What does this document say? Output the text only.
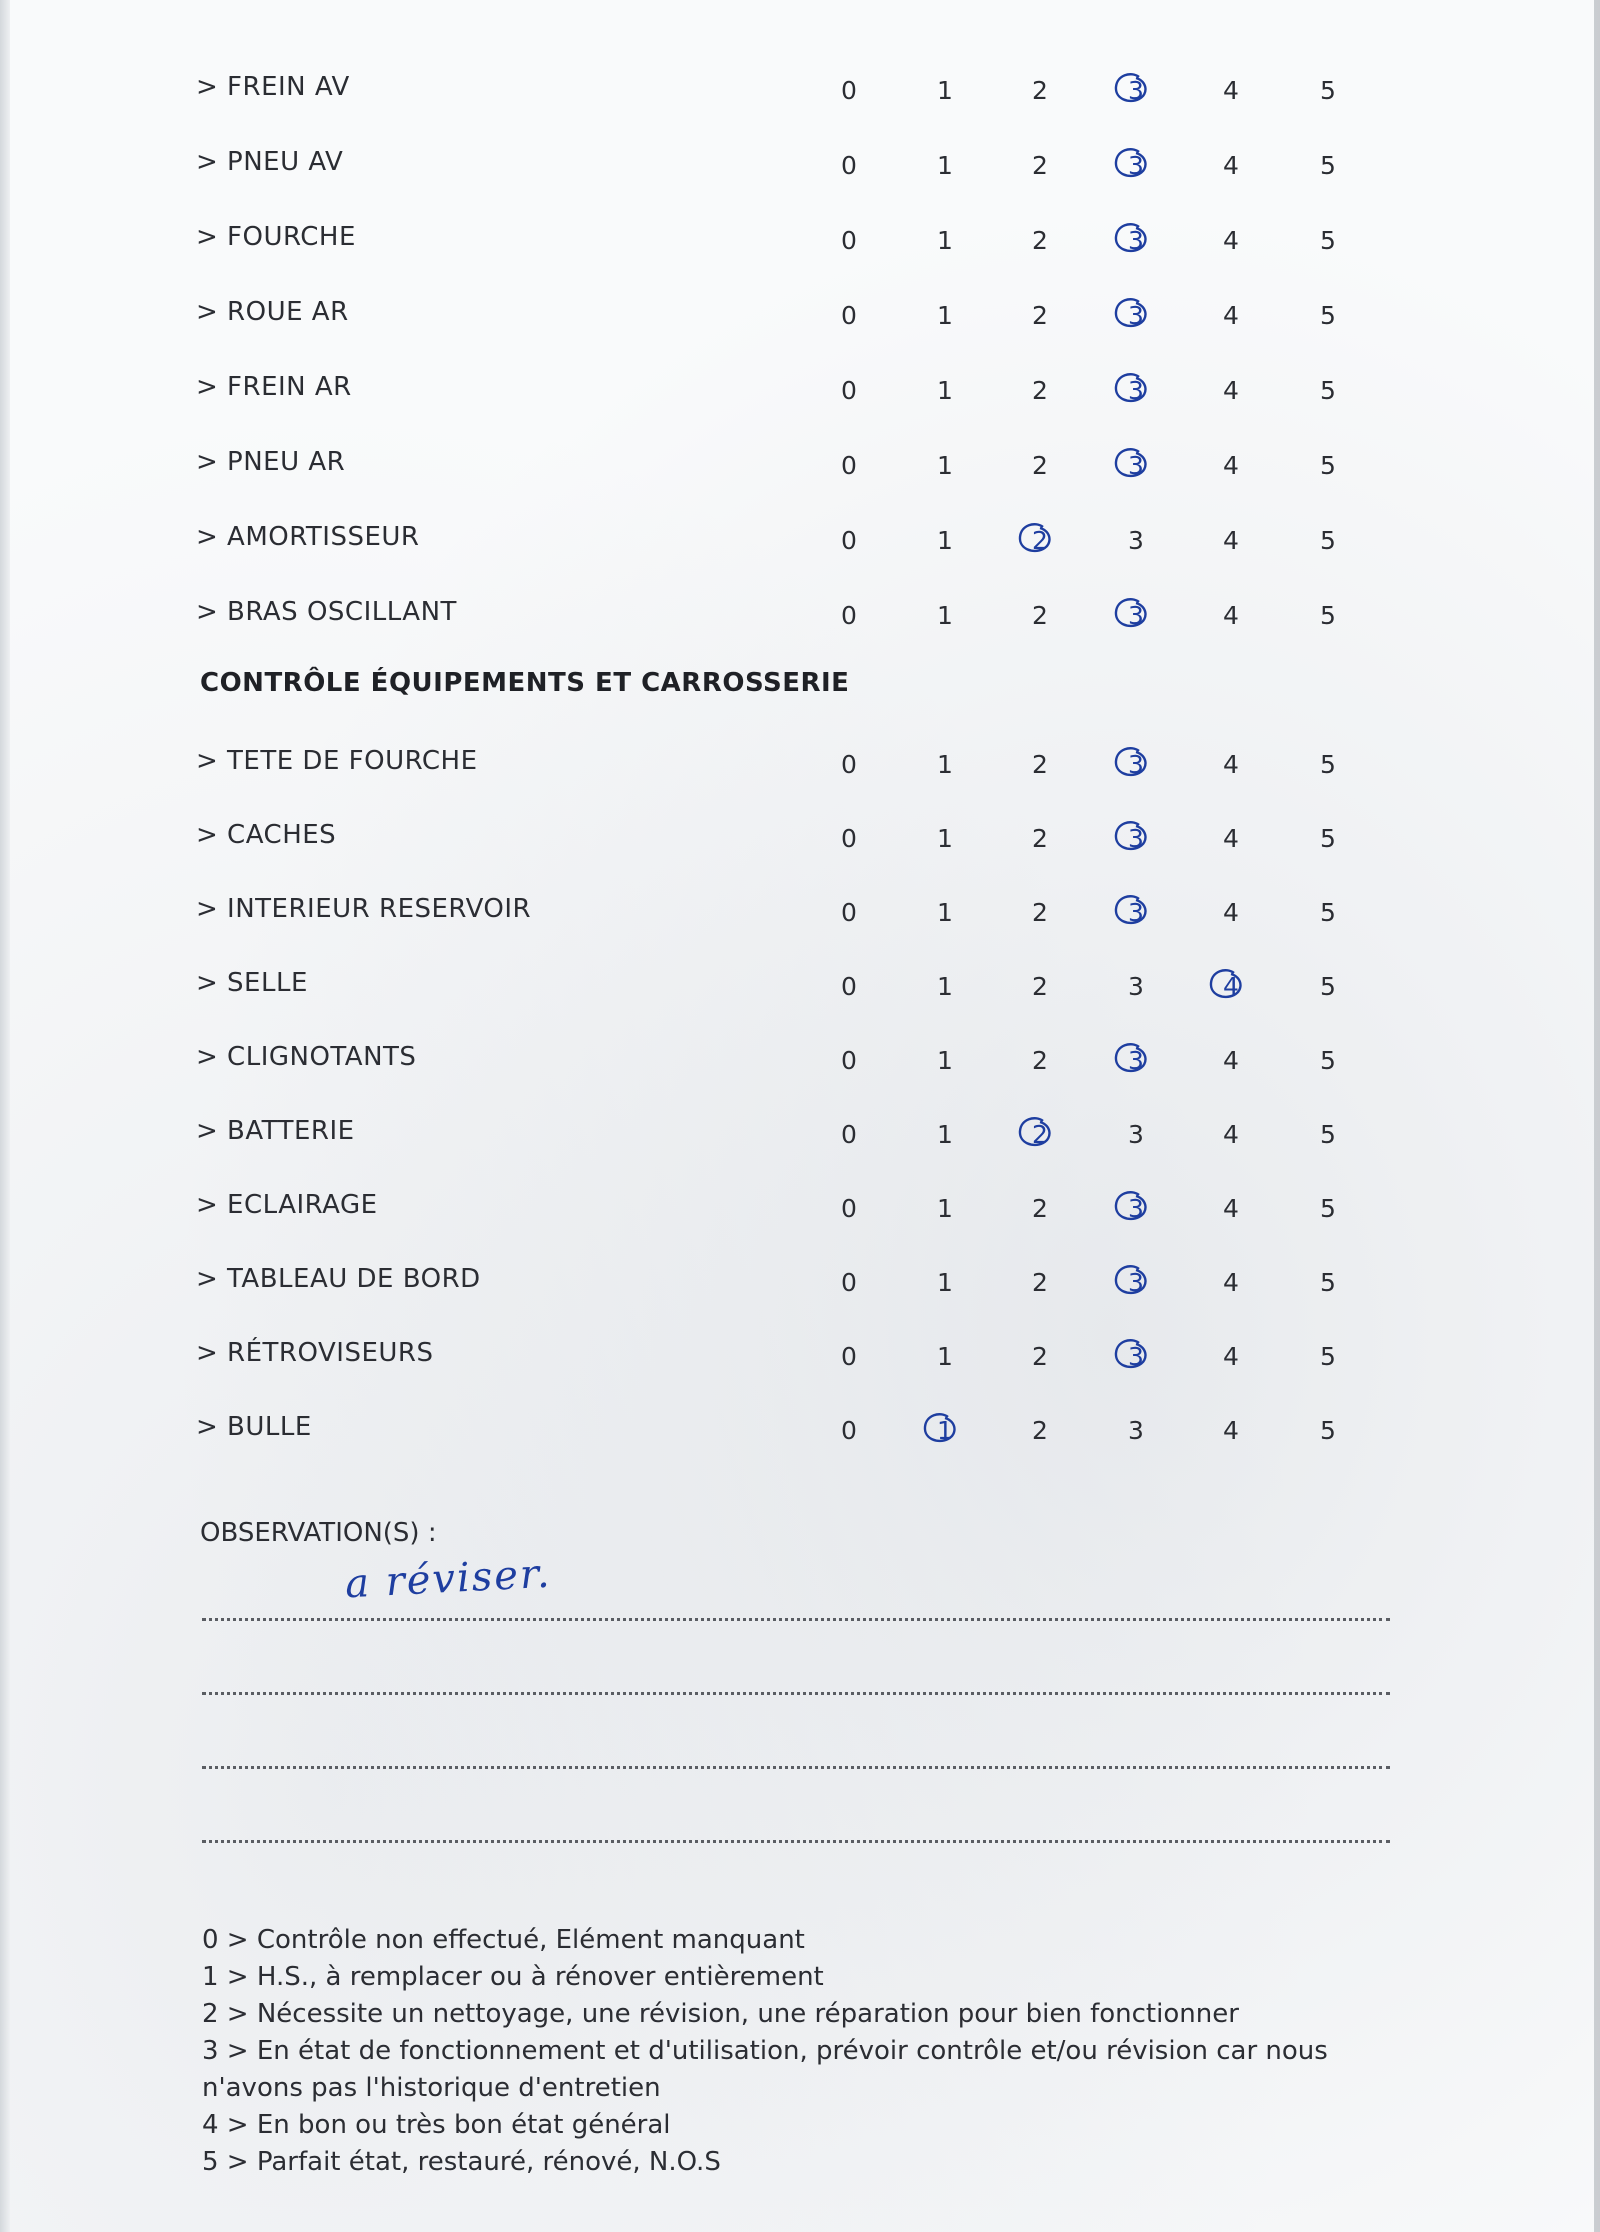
> FREIN AV	0	1	2	3	4	5
> PNEU AV	0	1	2	3	4	5
> FOURCHE	0	1	2	3	4	5
> ROUE AR	0	1	2	3	4	5
> FREIN AR	0	1	2	3	4	5
> PNEU AR	0	1	2	3	4	5
> AMORTISSEUR	0	1	2	3	4	5
> BRAS OSCILLANT	0	1	2	3	4	5
> TETE DE FOURCHE	0	1	2	3	4	5
> CACHES	0	1	2	3	4	5
> INTERIEUR RESERVOIR	0	1	2	3	4	5
> SELLE	0	1	2	3	4	5
> CLIGNOTANTS	0	1	2	3	4	5
> BATTERIE	0	1	2	3	4	5
> ECLAIRAGE	0	1	2	3	4	5
> TABLEAU DE BORD	0	1	2	3	4	5
> RÉTROVISEURS	0	1	2	3	4	5
> BULLE	0	1	2	3	4	5
CONTRÔLE ÉQUIPEMENTS ET CARROSSERIE
OBSERVATION(S) :
a réviser.
0 > Contrôle non effectué, Elément manquant
1 > H.S., à remplacer ou à rénover entièrement
2 > Nécessite un nettoyage, une révision, une réparation pour bien fonctionner
3 > En état de fonctionnement et d'utilisation, prévoir contrôle et/ou révision car nous
n'avons pas l'historique d'entretien
4 > En bon ou très bon état général
5 > Parfait état, restauré, rénové, N.O.S
